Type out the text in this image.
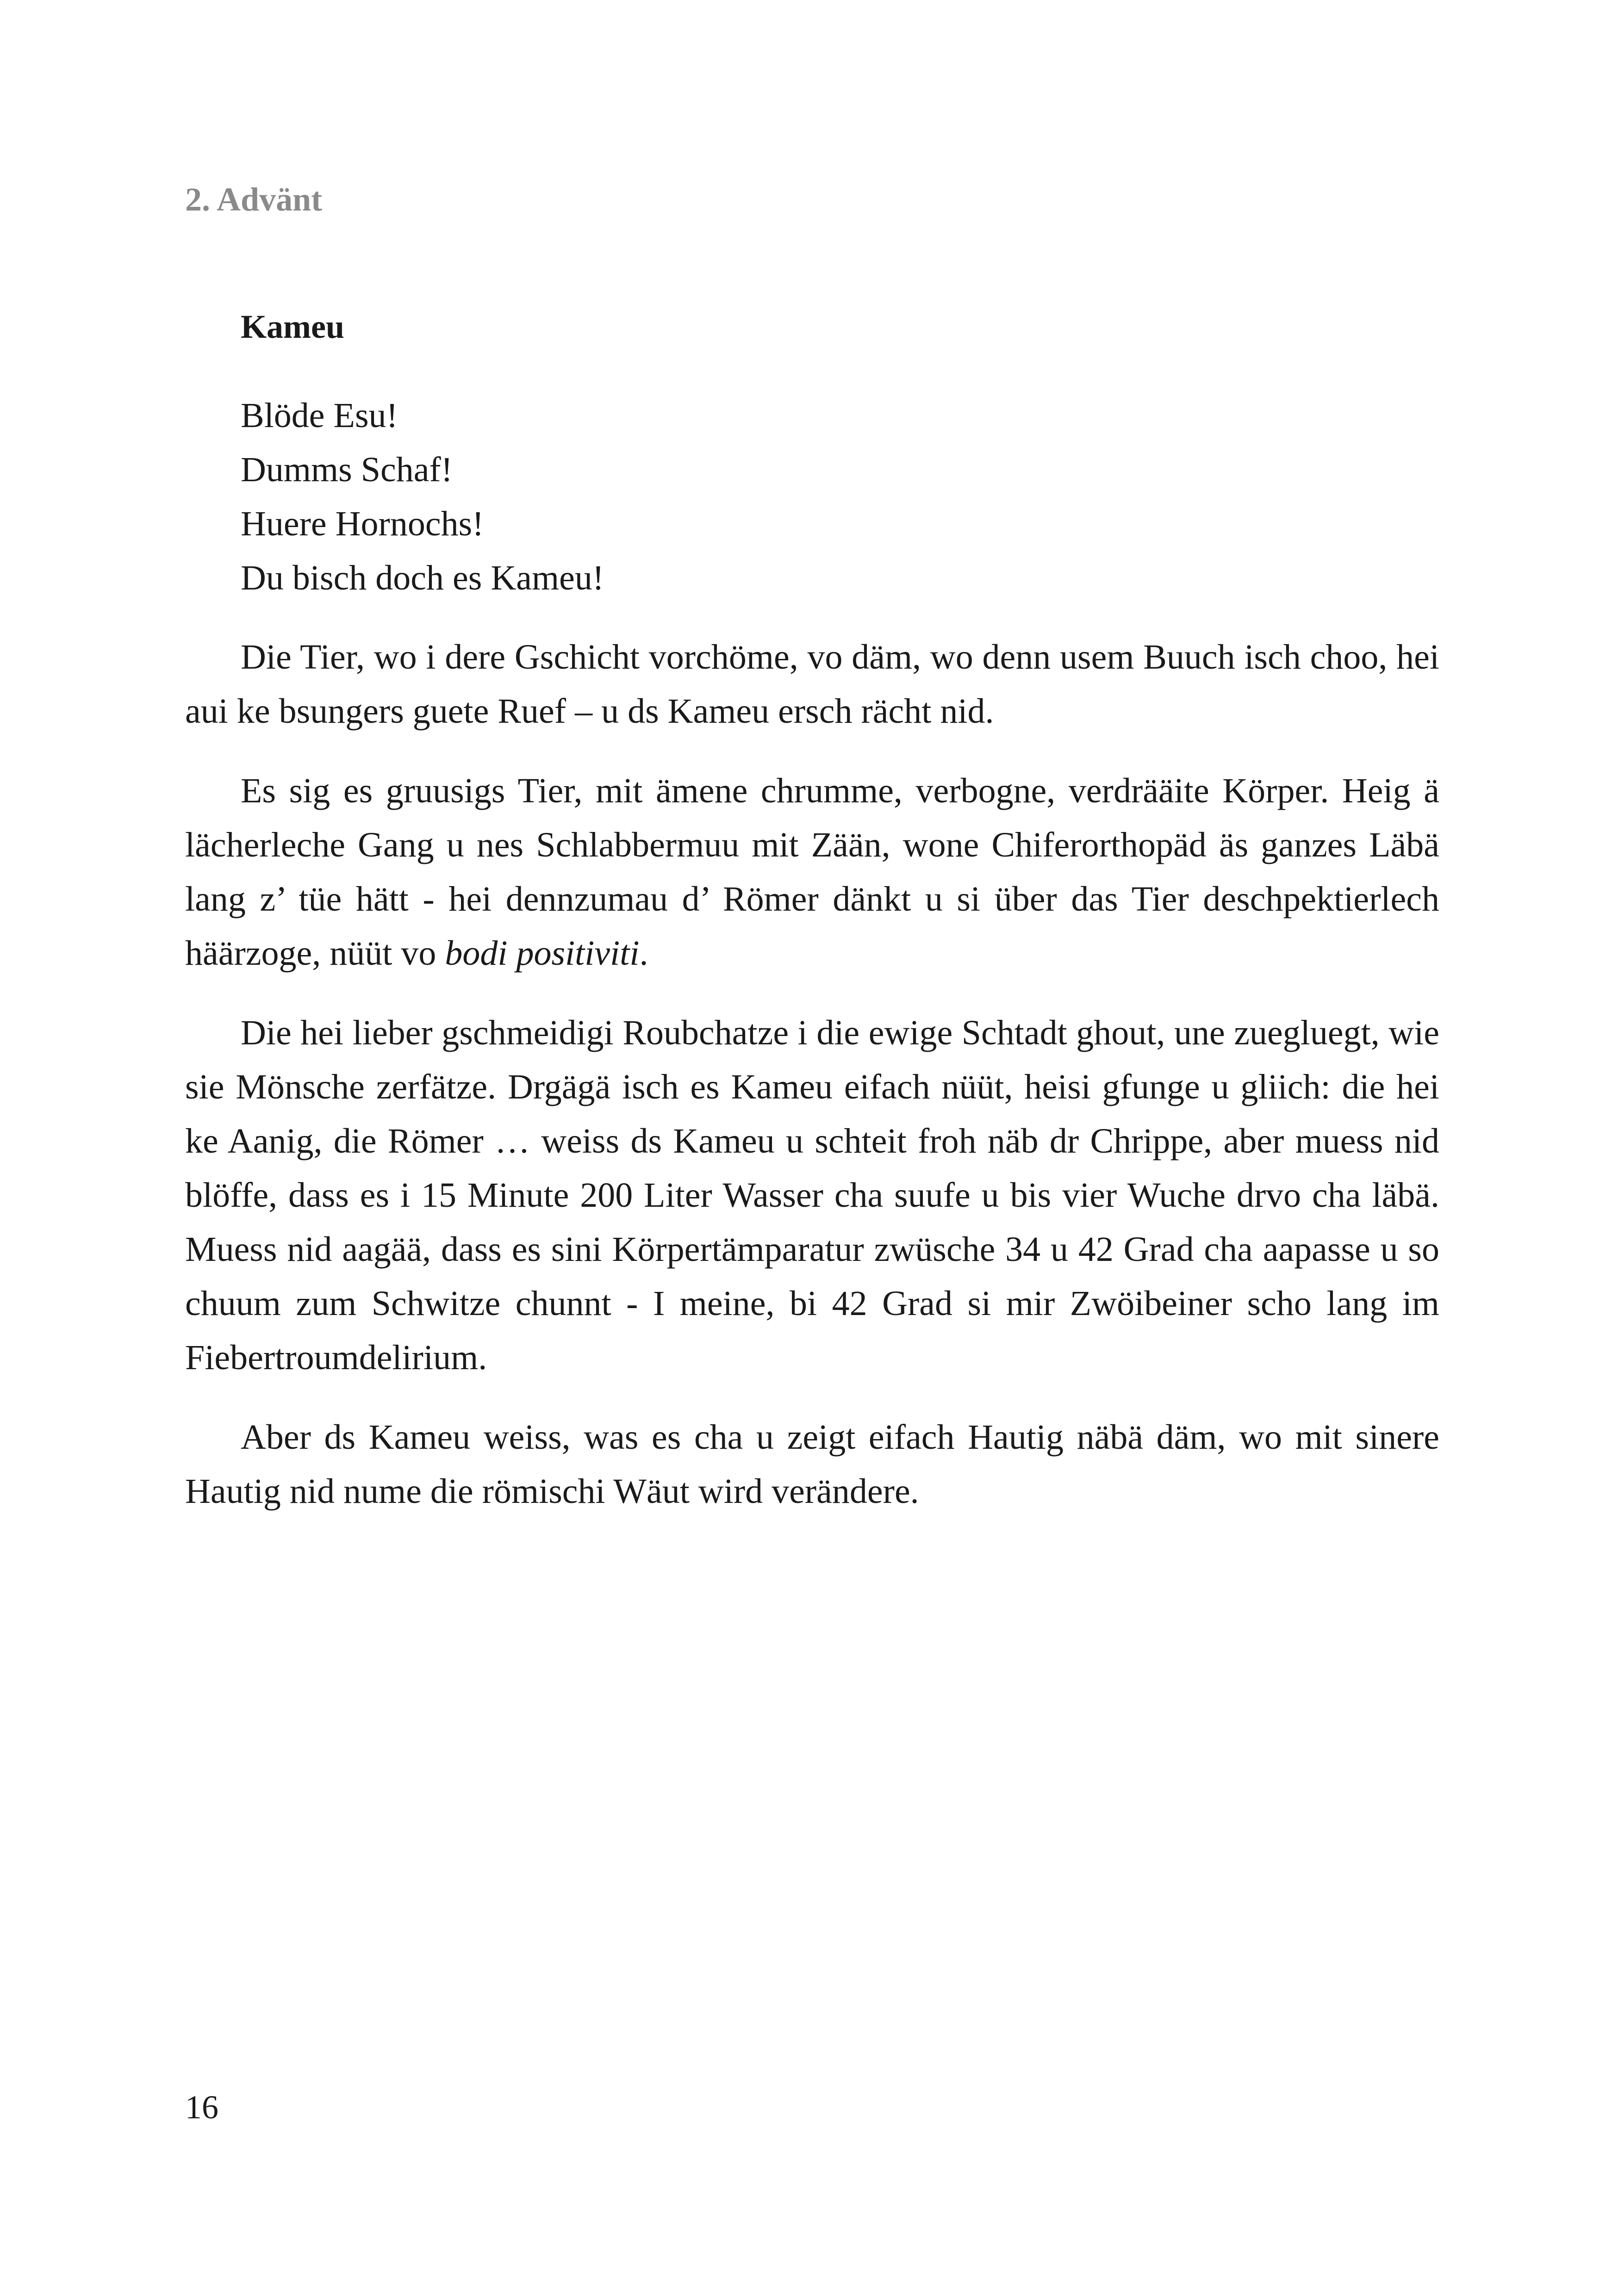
2. Advänt
Kameu
Blöde Esu!
Dumms Schaf!
Huere Hornochs!
Du bisch doch es Kameu!

Die Tier, wo i dere Gschicht vorchöme, vo däm, wo denn usem Buuch isch choo, hei aui ke bsungers guete Ruef – u ds Kameu ersch rächt nid.

Es sig es gruusigs Tier, mit ämene chrumme, verbogne, verdrääite Körper. Heig ä lächerleche Gang u nes Schlabbermuu mit Zään, wone Chiferorthopäd äs ganzes Läbä lang z’ tüe hätt - hei dennzumau d’ Römer dänkt u si über das Tier deschpektierlech häärzoge, nüüt vo bodi positiviti.

Die hei lieber gschmeidigi Roubchatze i die ewige Schtadt ghout, une zuegluegt, wie sie Mönsche zerfätze. Drgägä isch es Kameu eifach nüüt, heisi gfunge u gliich: die hei ke Aanig, die Römer … weiss ds Kameu u schteit froh näb dr Chrippe, aber muess nid blöffe, dass es i 15 Minute 200 Liter Wasser cha suufe u bis vier Wuche drvo cha läbä. Muess nid aagää, dass es sini Körpertämparatur zwüsche 34 u 42 Grad cha aapasse u so chuum zum Schwitze chunnt - I meine, bi 42 Grad si mir Zwöibeiner scho lang im Fiebertroumdelirium.

Aber ds Kameu weiss, was es cha u zeigt eifach Hautig näbä däm, wo mit sinere Hautig nid nume die römischi Wäut wird verändere.

16
